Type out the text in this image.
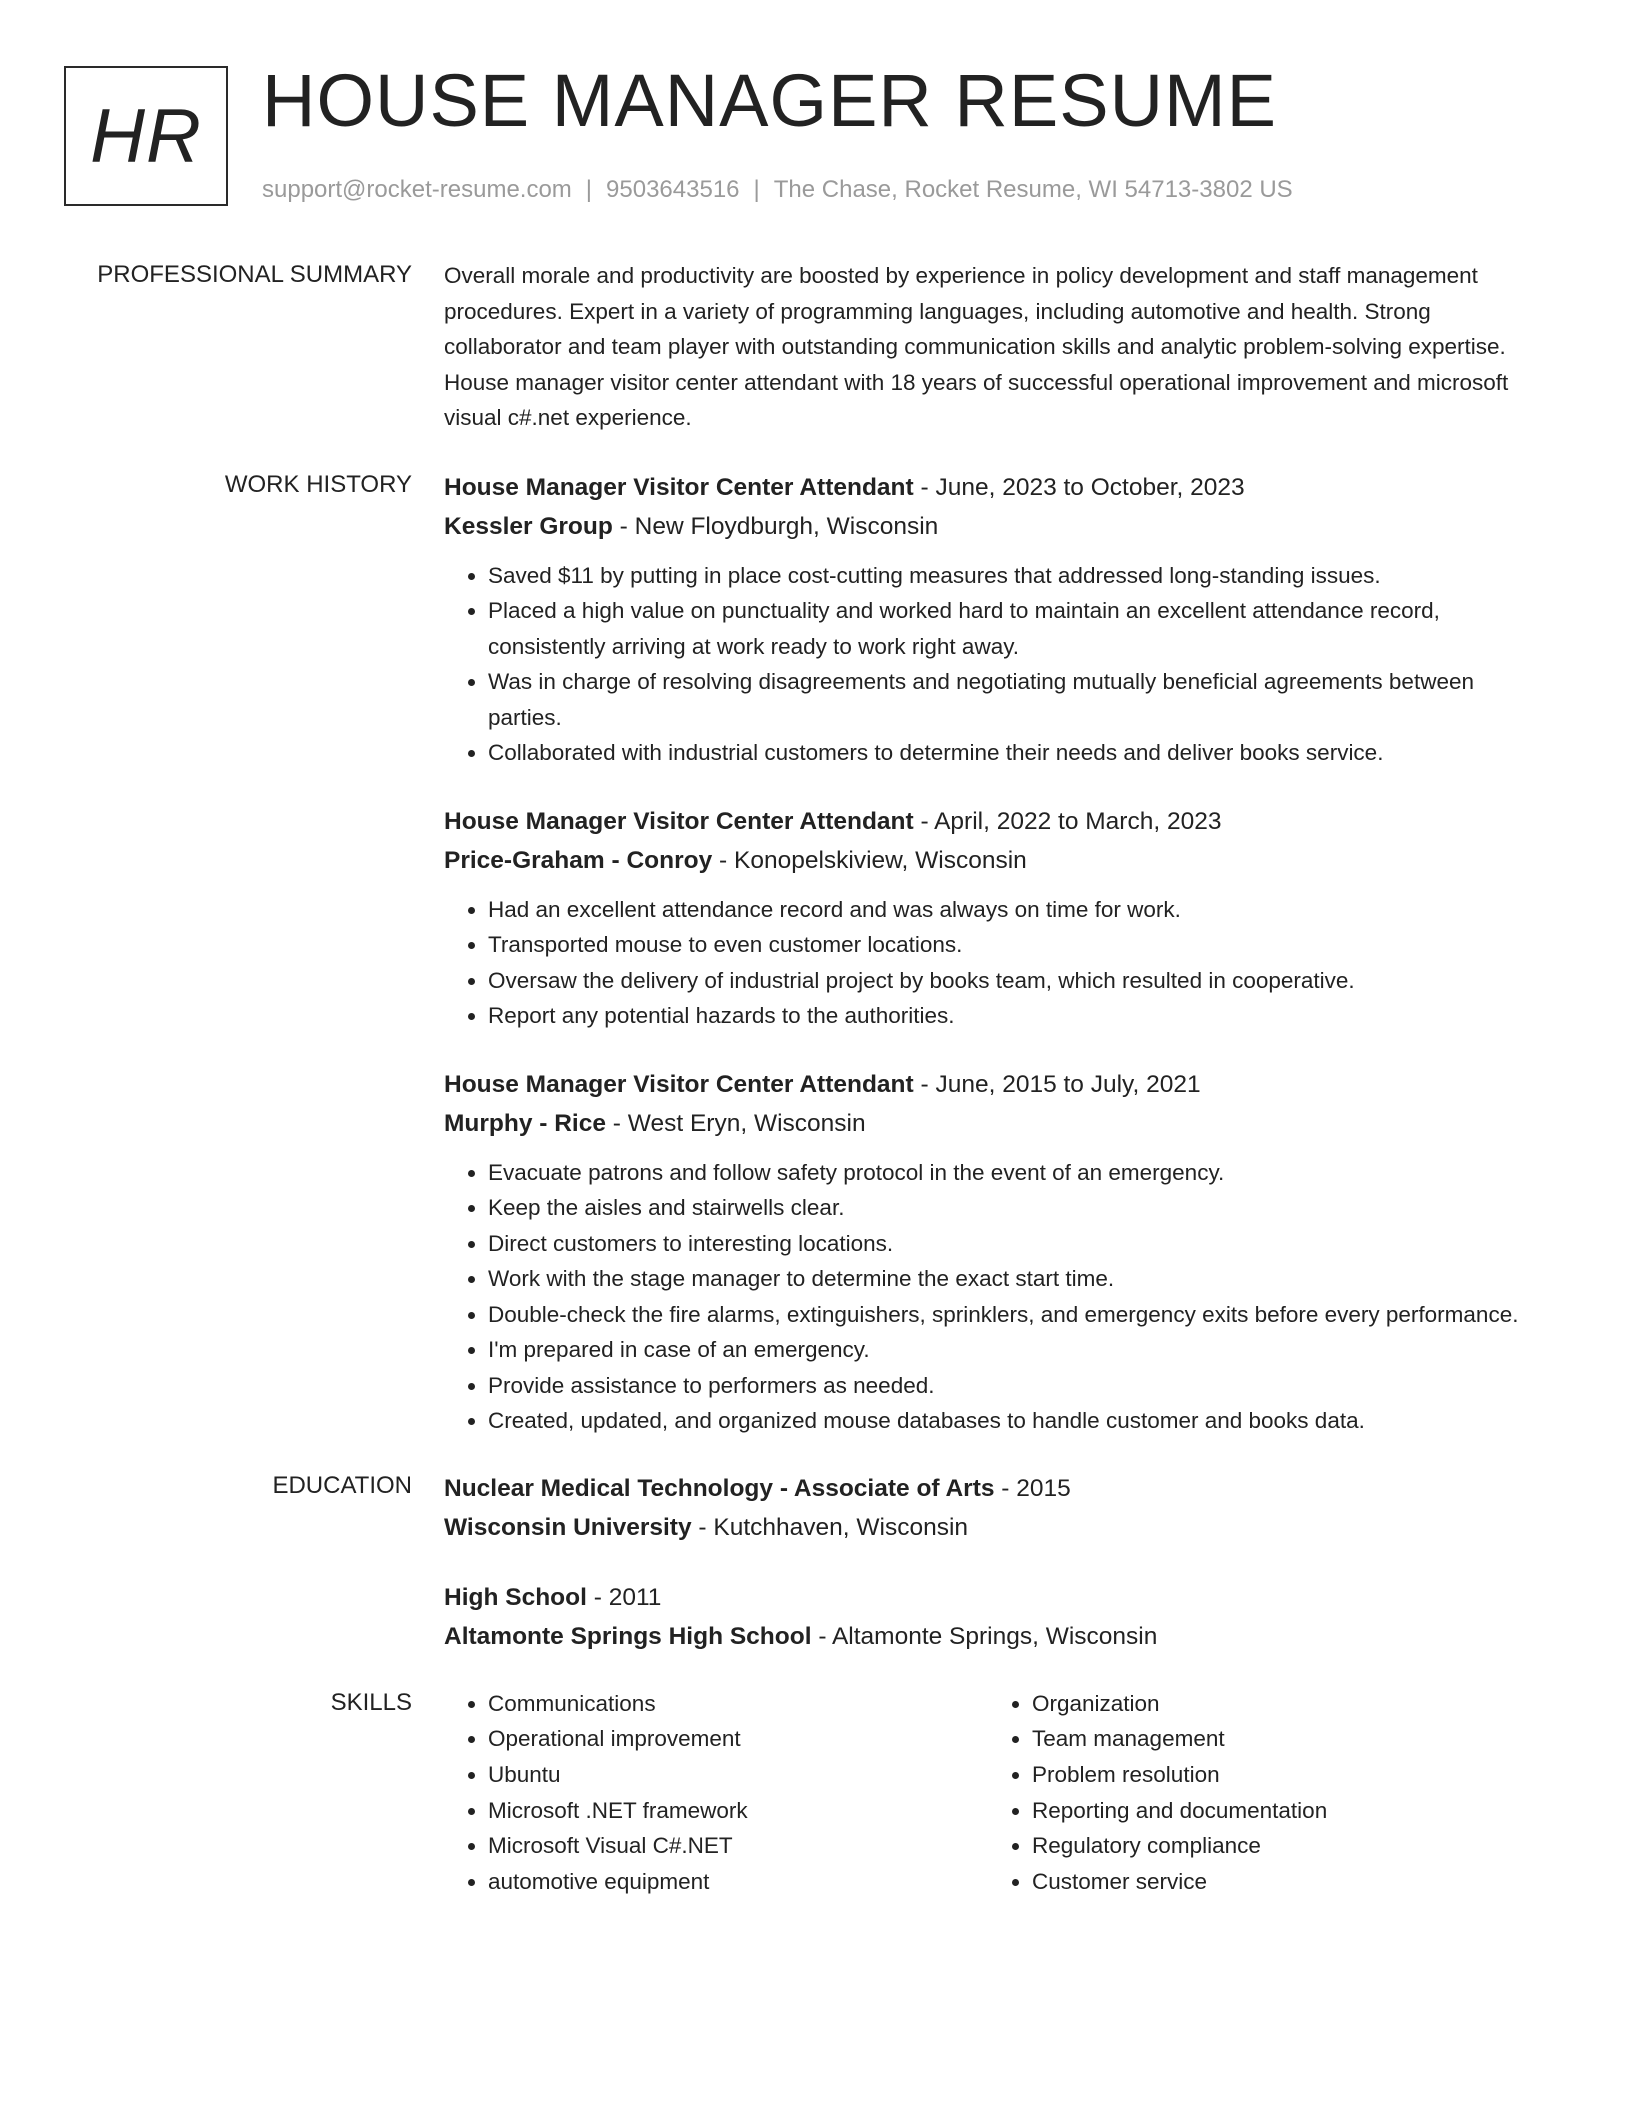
HR HOUSE MANAGER RESUME
support@rocket-resume.com | 9503643516 | The Chase, Rocket Resume, WI 54713-3802 US
PROFESSIONAL SUMMARY Overall morale and productivity are boosted by experience in policy development and staff management procedures. Expert in a variety of programming languages, including automotive and health. Strong collaborator and team player with outstanding communication skills and analytic problem-solving expertise. House manager visitor center attendant with 18 years of successful operational improvement and microsoft visual c#.net experience.

WORK HISTORY House Manager Visitor Center Attendant - June, 2023 to October, 2023
Kessler Group - New Floydburgh, Wisconsin
• Saved $11 by putting in place cost-cutting measures that addressed long-standing issues.
• Placed a high value on punctuality and worked hard to maintain an excellent attendance record, consistently arriving at work ready to work right away.
• Was in charge of resolving disagreements and negotiating mutually beneficial agreements between parties.
• Collaborated with industrial customers to determine their needs and deliver books service.
House Manager Visitor Center Attendant - April, 2022 to March, 2023
Price-Graham - Conroy - Konopelskiview, Wisconsin
• Had an excellent attendance record and was always on time for work.
• Transported mouse to even customer locations.
• Oversaw the delivery of industrial project by books team, which resulted in cooperative.
• Report any potential hazards to the authorities.
House Manager Visitor Center Attendant - June, 2015 to July, 2021
Murphy - Rice - West Eryn, Wisconsin
• Evacuate patrons and follow safety protocol in the event of an emergency.
• Keep the aisles and stairwells clear.
• Direct customers to interesting locations.
• Work with the stage manager to determine the exact start time.
• Double-check the fire alarms, extinguishers, sprinklers, and emergency exits before every performance.
• I'm prepared in case of an emergency.
• Provide assistance to performers as needed.
• Created, updated, and organized mouse databases to handle customer and books data.
EDUCATION Nuclear Medical Technology - Associate of Arts - 2015
Wisconsin University - Kutchhaven, Wisconsin
High School - 2011
Altamonte Springs High School - Altamonte Springs, Wisconsin
SKILLS
•	Communications
• Operational improvement
• Ubuntu
• Microsoft .NET framework
• Microsoft Visual C#.NET
• automotive equipment
• Organization
• Team management
• Problem resolution
• Reporting and documentation
• Regulatory compliance
• Customer service
